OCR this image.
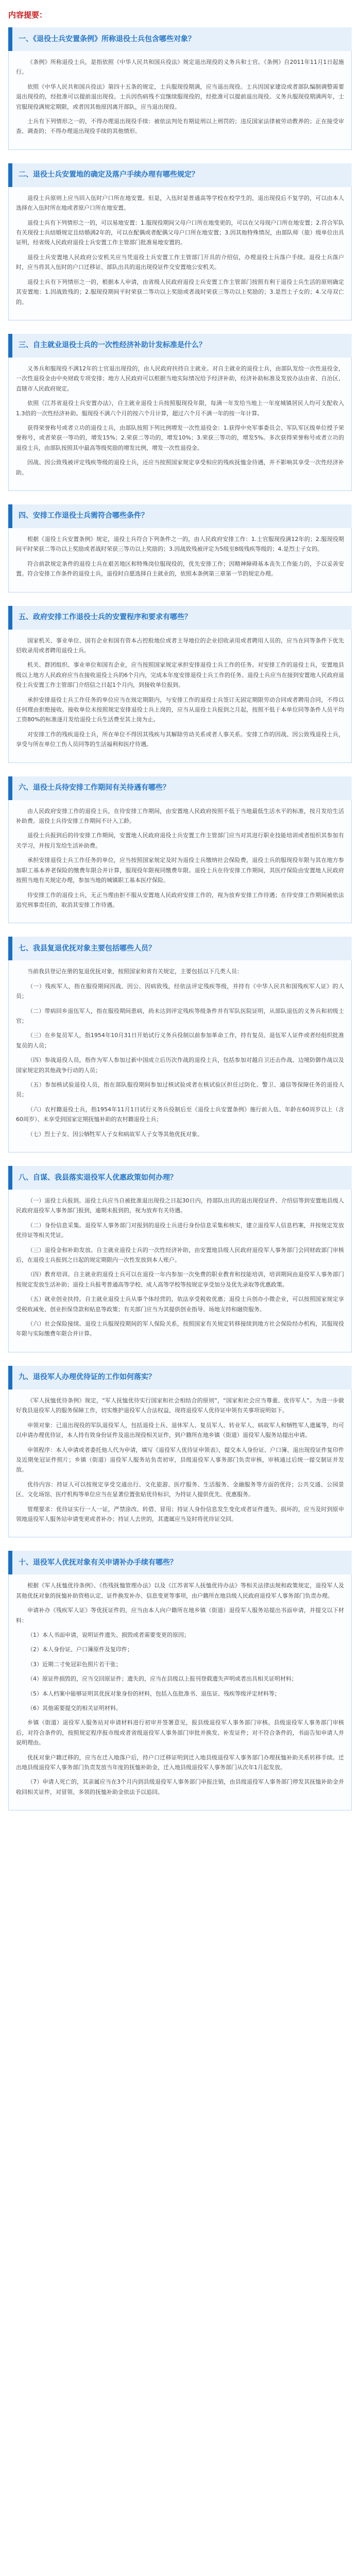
内容提要：
一、《退役士兵安置条例》所称退役士兵包含哪些对象？

《条例》所称退役士兵，是指依照《中华人民共和国兵役法》规定退出现役的义务兵和士官。《条例》自2011年11月1日起施行。

依照《中华人民共和国兵役法》第四十五条的规定，士兵服现役期满，应当退出现役。士兵因国家建设或者部队编制调整需要退出现役的，经批准可以提前退出现役。士兵因伤病残不宜继续服现役的，经批准可以提前退出现役。义务兵服现役期满两年，士官服现役满规定期限，或者因其他原因离开部队，应当退出现役。

士兵有下列情形之一的，不得办理退出现役手续：被依法判处有期徒刑以上刑罚的；违反国家法律被劳动教养的；正在接受审查、调查的；不得办理退出现役手续的其他情形。

二、退役士兵安置地的确定及落户手续办理有哪些规定？

退役士兵原则上应当回入伍时户口所在地安置。但是，入伍时是普通高等学校在校学生的，退出现役后不复学的，可以由本人选择在入伍时所在地或者原户口所在地安置。

退役士兵有下列情形之一的，可以易地安置：1.服现役期间父母户口所在地变更的，可以在父母现户口所在地安置；2.符合军队有关现役士兵结婚规定且结婚满2年的，可以在配偶或者配偶父母户口所在地安置；3.因其他特殊情况，由部队师（旅）级单位出具证明，经省级人民政府退役士兵安置工作主管部门批准易地安置的。

退役士兵安置地人民政府公安机关应当凭退役士兵安置工作主管部门开具的介绍信，办理退役士兵落户手续。退役士兵落户时，应当将其入伍时的户口迁移证、部队出具的退出现役证件交安置地公安机关。

退役士兵有下列情形之一的，根据本人申请，由省级人民政府退役士兵安置工作主管部门按照有利于退役士兵生活的原则确定其安置地：1.因战致残的；2.服现役期间平时荣获二等功以上奖励或者战时荣获三等功以上奖励的；3.是烈士子女的；4.父母双亡的。

三、自主就业退役士兵的一次性经济补助计发标准是什么？

义务兵和服现役不满12年的士官退出现役的，由人民政府扶持自主就业。对自主就业的退役士兵，由部队发给一次性退役金，一次性退役金由中央财政专项安排；地方人民政府可以根据当地实际情况给予经济补助，经济补助标准及发放办法由省、自治区、直辖市人民政府规定。

依照《江苏省退役士兵安置办法》，自主就业退役士兵按照服现役年限，每满一年发给当地上一年度城镇居民人均可支配收入1.3倍的一次性经济补助。服现役不满六个月的按六个月计算，超过六个月不满一年的按一年计算。

获得荣誉称号或者立功的退役士兵，由部队按照下列比例增发一次性退役金：1.获得中央军事委员会、军队军区级单位授予荣誉称号，或者荣获一等功的，增发15%；2.荣获二等功的，增发10%；3.荣获三等功的，增发5%。多次获得荣誉称号或者立功的退役士兵，由部队按照其中最高等级奖励的增发比例，增发一次性退役金。

因战、因公致残被评定残疾等级的退役士兵，还应当按照国家规定享受相应的残疾抚恤金待遇，并不影响其享受一次性经济补助。

四、安排工作退役士兵需符合哪些条件？

根据《退役士兵安置条例》规定，退役士兵符合下列条件之一的，由人民政府安排工作：1.士官服现役满12年的；2.服现役期间平时荣获二等功以上奖励或者战时荣获三等功以上奖励的；3.因战致残被评定为5级至8级残疾等级的；4.是烈士子女的。

符合前款规定条件的退役士兵在艰苦地区和特殊岗位服现役的，优先安排工作；因精神障碍基本丧失工作能力的，予以妥善安置。符合安排工作条件的退役士兵，退役时自愿选择自主就业的，依照本条例第三章第一节的规定办理。

五、政府安排工作退役士兵的安置程序和要求有哪些？

国家机关、事业单位、国有企业和国有资本占控股地位或者主导地位的企业招收录用或者聘用人员的，应当在同等条件下优先招收录用或者聘用退役士兵。

机关、群团组织、事业单位和国有企业，应当按照国家规定承担安排退役士兵工作的任务。对安排工作的退役士兵，安置地县级以上地方人民政府应当在接收退役士兵的6个月内，完成本年度安排退役士兵工作的任务。退役士兵应当在接到安置地人民政府退役士兵安置工作主管部门介绍信之日起1个月内，到接收单位报到。

承担安排退役士兵工作任务的单位应当在规定期限内，与安排工作的退役士兵签订无固定期限劳动合同或者聘用合同，不得以任何理由拒绝接收。接收单位未按照规定安排退役士兵上岗的，应当从退役士兵报到之月起，按照不低于本单位同等条件人员平均工资80%的标准逐月发给退役士兵生活费至其上岗为止。

对安排工作的残疾退役士兵，所在单位不得因其残疾与其解除劳动关系或者人事关系。安排工作的因战、因公致残退役士兵，享受与所在单位工伤人员同等的生活福利和医疗待遇。

六、退役士兵待安排工作期间有关待遇有哪些？

由人民政府安排工作的退役士兵，在待安排工作期间，由安置地人民政府按照不低于当地最低生活水平的标准，按月发给生活补助费。退役士兵待安排工作期间不计入工龄。

退役士兵报到后的待安排工作期间，安置地人民政府退役士兵安置工作主管部门应当对其进行职业技能培训或者组织其参加有关学习，并按月发给生活补助费。

承担安排退役士兵工作任务的单位，应当按照国家规定及时为退役士兵缴纳社会保险费，退役士兵的服现役年限与其在地方参加职工基本养老保险的缴费年限合并计算，服现役年限视同缴费年限。退役士兵在待安排工作期间，其医疗保险由安置地人民政府按照当地有关规定办理，参加当地的城镇职工基本医疗保险。

待安排工作的退役士兵，无正当理由拒不服从安置地人民政府安排工作的，视为放弃安排工作待遇；在待安排工作期间被依法追究刑事责任的，取消其安排工作待遇。

七、我县复退优抚对象主要包括哪些人员？

当前我县登记在册的复退优抚对象，按照国家和省有关规定，主要包括以下几类人员：

（一）残疾军人，指在服役期间因战、因公、因病致残，经依法评定残疾等级，并持有《中华人民共和国残疾军人证》的人员；

（二）带病回乡退伍军人，指在服役期间患病，尚未达到评定残疾等级条件并有军队医院证明，从部队退伍的义务兵和初级士官；

（三）在乡复员军人，指1954年10月31日开始试行义务兵役制以前参加革命工作，持有复员、退伍军人证件或者经组织批准复员的人员；

（四）参战退役人员，指作为军人参加过新中国成立后历次作战的退役士兵，包括参加对越自卫还击作战、边境防御作战以及国家规定的其他战争行动的人员；

（五）参加核试验退役人员，指在部队服役期间参加过核试验或者在核试验区担任过防化、警卫、通信等保障任务的退役人员；

（六）农村籍退役士兵，指1954年11月1日试行义务兵役制后至《退役士兵安置条例》施行前入伍、年龄在60周岁以上（含60周岁）、未享受到国家定期抚恤补助的农村籍退役士兵；

（七）烈士子女、因公牺牲军人子女和病故军人子女等其他优抚对象。

八、自谋、我县落实退役军人优惠政策如何办理？

（一）退役士兵报到。退役士兵应当自被批准退出现役之日起30日内，持部队出具的退出现役证件、介绍信等到安置地县级人民政府退役军人事务部门报到，逾期未报到的，视为放弃有关待遇。

（二）身份信息采集。退役军人事务部门对报到的退役士兵进行身份信息采集和核实，建立退役军人信息档案，并按规定发放优待证等相关凭证。

（三）退役金和补助发放。自主就业退役士兵的一次性经济补助，由安置地县级人民政府退役军人事务部门会同财政部门审核后，在退役士兵报到之日起的规定期限内一次性发放到本人账户。

（四）教育培训。自主就业的退役士兵可以在退役一年内参加一次免费的职业教育和技能培训，培训期间由退役军人事务部门按规定发放生活补助；退役士兵报考普通高等学校、成人高等学校等按规定享受加分及优先录取等优惠政策。

（五）就业创业扶持。自主就业退役士兵从事个体经营的，依法享受税收优惠；退役士兵创办小微企业，可以按照国家规定享受税收减免、创业担保贷款和贴息等政策；有关部门应当为其提供创业指导、场地支持和融资服务。

（六）社会保险接续。退役士兵服现役期间的军人保险关系，按照国家有关规定转移接续到地方社会保险经办机构，其服现役年限与实际缴费年限合并计算。

九、退役军人办理优待证的工作如何落实？

《军人抚恤优待条例》规定，“军人抚恤优待实行国家和社会相结合的原则”，“国家和社会应当尊重、优待军人”。为进一步做好我县退役军人的服务保障工作，切实维护退役军人合法权益，现将退役军人优待证申领有关事项说明如下。

申领对象：已退出现役的军队退役军人，包括退役士兵、退休军人、复员军人、转业军人、病故军人和牺牲军人遗属等，均可以申请办理优待证，本人持有效身份证件及退出现役相关证件，到户籍所在地乡镇（街道）退役军人服务站提出申请。

申领程序：本人申请或者委托他人代为申请，填写《退役军人优待证申领表》，提交本人身份证、户口簿、退出现役证件复印件及近期免冠证件照片；乡镇（街道）退役军人服务站负责初审，县级退役军人事务部门负责审核，审核通过后统一提交制证并发放。

优待内容：持证人可以按规定享受交通出行、文化旅游、医疗服务、生活服务、金融服务等方面的优待；公共交通、公园景区、文化场馆、医疗机构等单位应当在显著位置张贴优待标识，为持证人提供优先、优惠服务。

管理要求：优待证实行一人一证，严禁涂改、转借、冒用；持证人身份信息发生变化或者证件遗失、损坏的，应当及时到原申领地退役军人服务站申请变更或者补办；持证人去世的，其遗属应当及时将优待证交回。

十、退役军人优抚对象有关申请补办手续有哪些？

根据《军人抚恤优待条例》、《伤残抚恤管理办法》以及《江苏省军人抚恤优待办法》等相关法律法规和政策规定，退役军人及其他优抚对象的抚恤补助资格认定、证件换发补办、信息变更等事项，由户籍所在地县级人民政府退役军人事务部门负责办理。

申请补办《残疾军人证》等优抚证件的，应当由本人向户籍所在地乡镇（街道）退役军人服务站提出书面申请，并提交以下材料：

（1）本人书面申请，说明证件遗失、损毁或者需要变更的原因；

（2）本人身份证、户口簿原件及复印件；

（3）近期二寸免冠彩色照片若干张；

（4）原证件损毁的，应当交回原证件；遗失的，应当在县级以上报刊登载遗失声明或者出具相关证明材料；

（5）本人档案中能够证明其优抚对象身份的材料，包括入伍批准书、退伍证、残疾等级评定材料等；

（6）其他需要提交的相关证明材料。

乡镇（街道）退役军人服务站对申请材料进行初审并签署意见，报县级退役军人事务部门审核。县级退役军人事务部门审核后，对符合条件的，按照规定程序报市级或者省级退役军人事务部门审批并换发、补发证件；对不符合条件的，书面告知申请人并说明理由。

优抚对象户籍迁移的，应当在迁入地落户后，持户口迁移证明到迁入地县级退役军人事务部门办理抚恤补助关系转移手续。迁出地县级退役军人事务部门负责发放当年度的抚恤补助金，迁入地县级退役军人事务部门从次年1月起发放。

（7）申请人死亡的，其亲属应当在3个月内到县级退役军人事务部门申报注销，由县级退役军人事务部门停发其抚恤补助金并收回相关证件，对冒领、多领的抚恤补助金依法予以追回。
